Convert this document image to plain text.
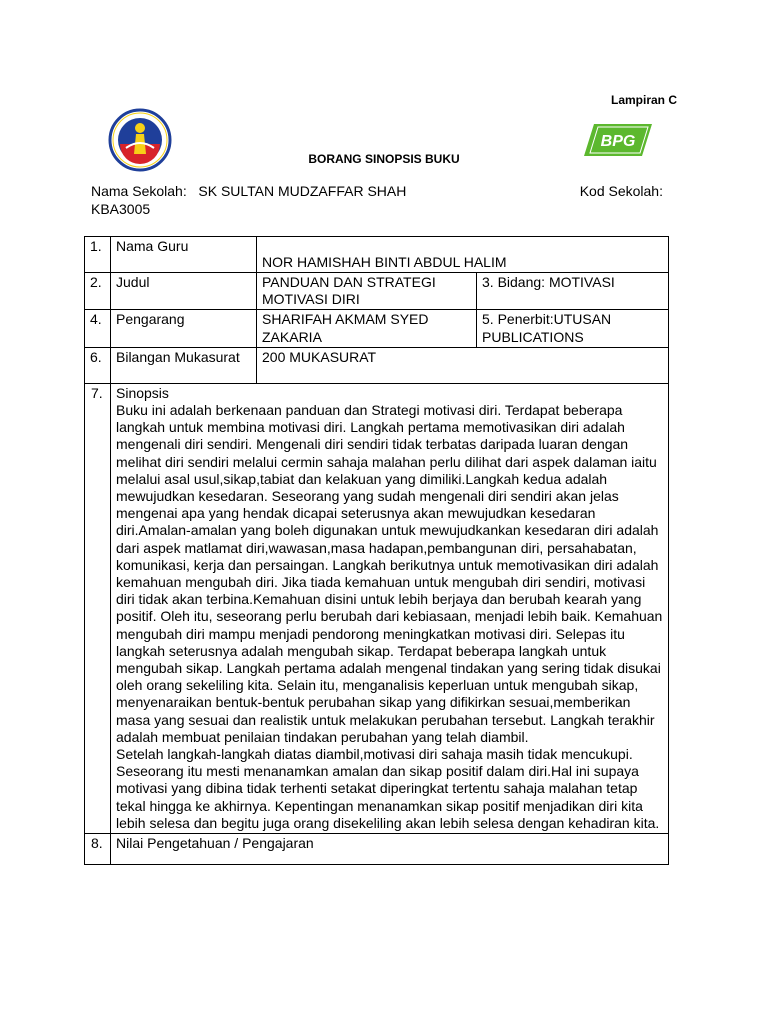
Lampiran C
BPG
BORANG SINOPSIS BUKU
Nama Sekolah: SK SULTAN MUDZAFFAR SHAH	Kod Sekolah:
KBA3005
1.	Nama Guru	NOR HAMISHAH BINTI ABDUL HALIM	
2.	Judul	PANDUAN DAN STRATEGI MOTIVASI DIRI	3. Bidang: MOTIVASI
4.	Pengarang	SHARIFAH AKMAM SYED ZAKARIA	5. Penerbit:UTUSAN PUBLICATIONS
6.	Bilangan Mukasurat	200 MUKASURAT	
7.	Sinopsis

Buku ini adalah berkenaan panduan dan Strategi motivasi diri. Terdapat beberapa langkah untuk membina motivasi diri. Langkah pertama memotivasikan diri adalah mengenali diri sendiri. Mengenali diri sendiri tidak terbatas daripada luaran dengan melihat diri sendiri melalui cermin sahaja malahan perlu dilihat dari aspek dalaman iaitu melalui asal usul,sikap,tabiat dan kelakuan yang dimiliki.Langkah kedua adalah mewujudkan kesedaran. Seseorang yang sudah mengenali diri sendiri akan jelas mengenai apa yang hendak dicapai seterusnya akan mewujudkan kesedaran diri.Amalan-amalan yang boleh digunakan untuk mewujudkankan kesedaran diri adalah dari aspek matlamat diri,wawasan,masa hadapan,pembangunan diri, persahabatan, komunikasi, kerja dan persaingan. Langkah berikutnya untuk memotivasikan diri adalah kemahuan mengubah diri. Jika tiada kemahuan untuk mengubah diri sendiri, motivasi diri tidak akan terbina.Kemahuan disini untuk lebih berjaya dan berubah kearah yang positif. Oleh itu, seseorang perlu berubah dari kebiasaan, menjadi lebih baik. Kemahuan mengubah diri mampu menjadi pendorong meningkatkan motivasi diri. Selepas itu langkah seterusnya adalah mengubah sikap. Terdapat beberapa langkah untuk mengubah sikap. Langkah pertama adalah mengenal tindakan yang sering tidak disukai oleh orang sekeliling kita. Selain itu, menganalisis keperluan untuk mengubah sikap, menyenaraikan bentuk-bentuk perubahan sikap yang difikirkan sesuai,memberikan masa yang sesuai dan realistik untuk melakukan perubahan tersebut. Langkah terakhir adalah membuat penilaian tindakan perubahan yang telah diambil.

Setelah langkah-langkah diatas diambil,motivasi diri sahaja masih tidak mencukupi. Seseorang itu mesti menanamkan amalan dan sikap positif dalam diri.Hal ini supaya motivasi yang dibina tidak terhenti setakat diperingkat tertentu sahaja malahan tetap tekal hingga ke akhirnya. Kepentingan menanamkan sikap positif menjadikan diri kita lebih selesa dan begitu juga orang disekeliling akan lebih selesa dengan kehadiran kita.		

8.	Nilai Pengetahuan / Pengajaran		
